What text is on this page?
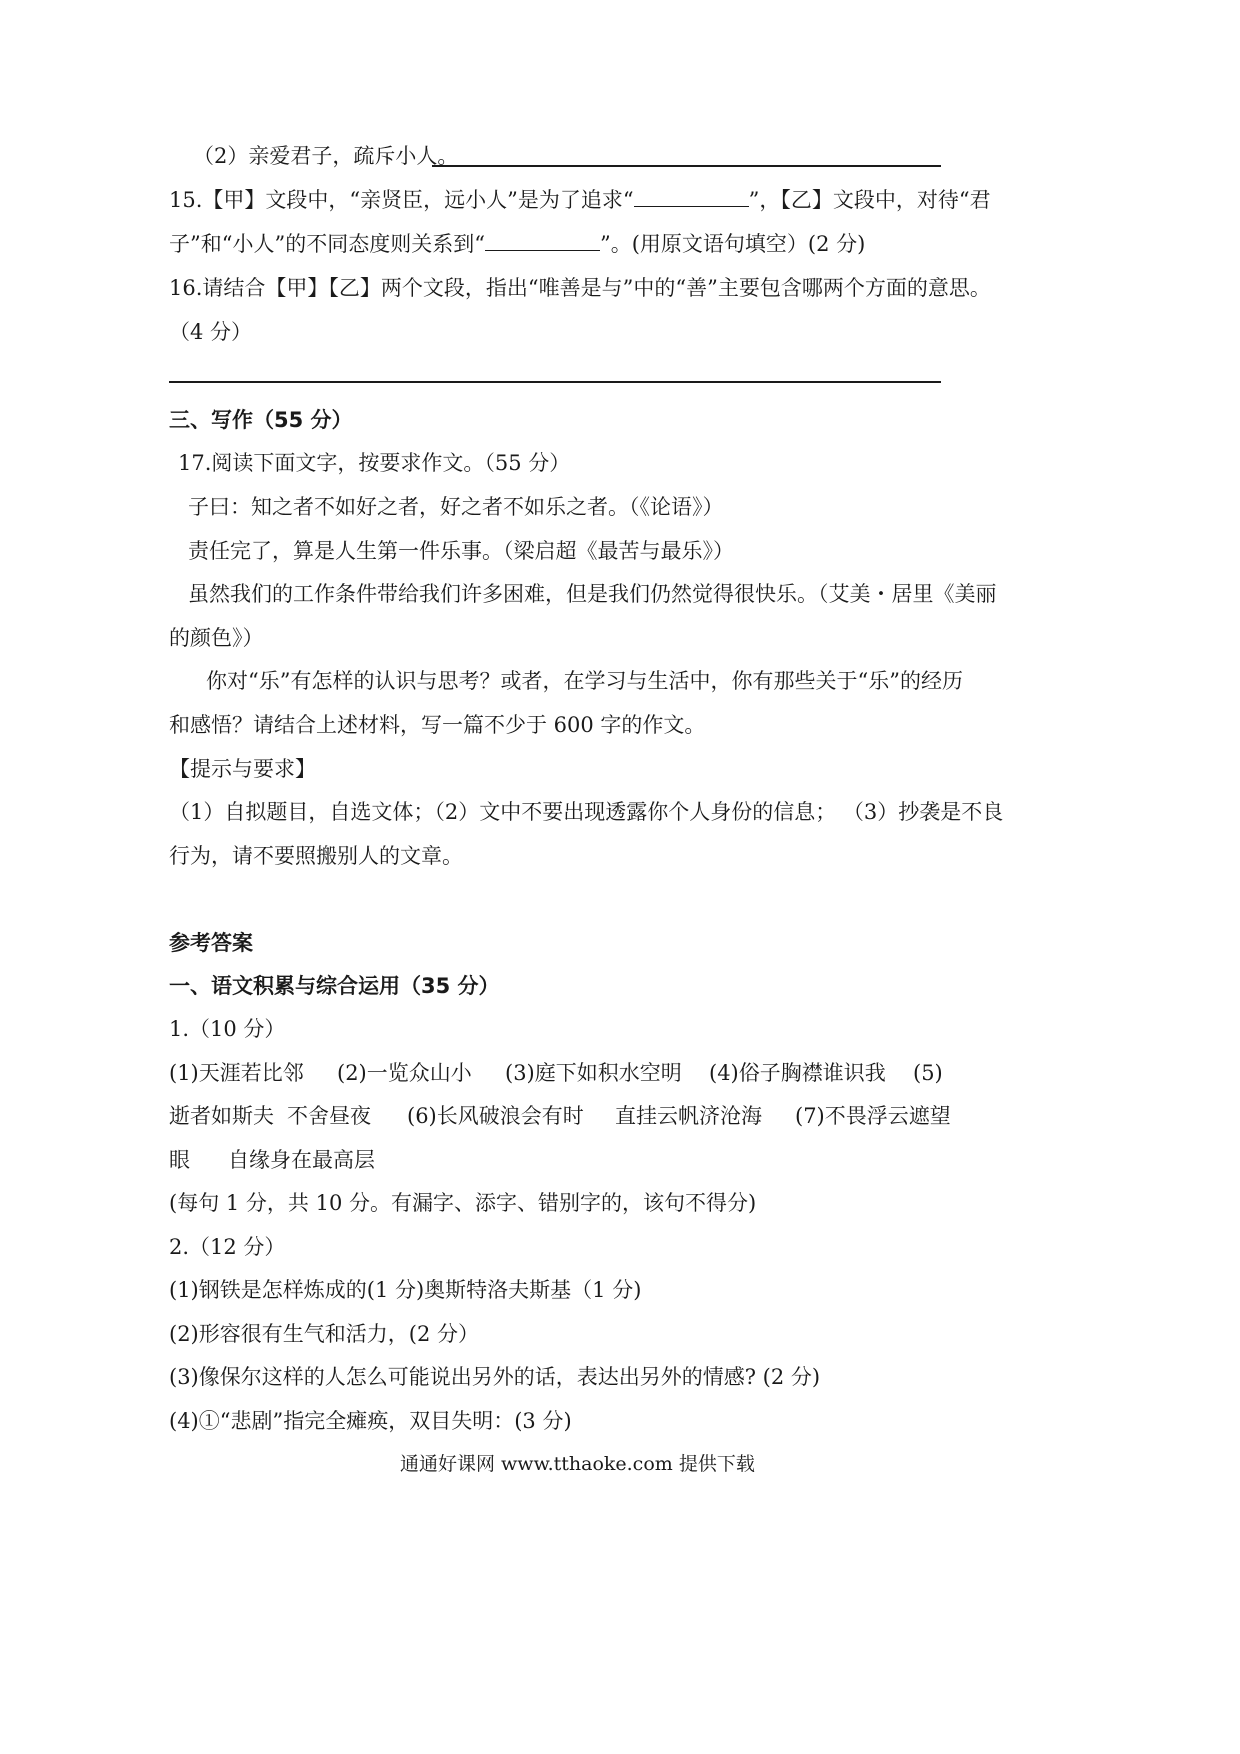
（2）亲爱君子，疏斥小人。
15.【甲】文段中，“亲贤臣，远小人”是为了追求“	”，【乙】文段中，对待“君
子”和“小人”的不同态度则关系到“	”。(用原文语句填空）(2 分)
16.请结合【甲】【乙】两个文段，指出“唯善是与”中的“善”主要包含哪两个方面的意思。
（4 分）
三、写作（55 分）
17.阅读下面文字，按要求作文。（55 分）
子曰：知之者不如好之者，好之者不如乐之者。（《论语》）
责任完了，算是人生第一件乐事。（梁启超《最苦与最乐》）
虽然我们的工作条件带给我们许多困难，但是我们仍然觉得很快乐。（艾美・居里《美丽
的颜色》）
你对“乐”有怎样的认识与思考？或者，在学习与生活中，你有那些关于“乐”的经历
和感悟？请结合上述材料，写一篇不少于 600 字的作文。
【提示与要求】
（1）自拟题目，自选文体；（2）文中不要出现透露你个人身份的信息； （3）抄袭是不良
行为，请不要照搬别人的文章。
参考答案
一、语文积累与综合运用（35 分）
1.（10 分）
(1)天涯若比邻 (2)一览众山小 (3)庭下如积水空明 (4)俗子胸襟谁识我 (5)
逝者如斯夫 不舍昼夜 (6)长风破浪会有时 直挂云帆济沧海 (7)不畏浮云遮望
眼 自缘身在最高层
(每句 1 分，共 10 分。有漏字、添字、错别字的，该句不得分)
2.（12 分）
(1)钢铁是怎样炼成的(1 分)奥斯特洛夫斯基（1 分)
(2)形容很有生气和活力，(2 分）
(3)像保尔这样的人怎么可能说出另外的话，表达出另外的情感? (2 分)
(4)①“悲剧”指完全瘫痪，双目失明：(3 分)
通通好课网 www.tthaoke.com 提供下载
